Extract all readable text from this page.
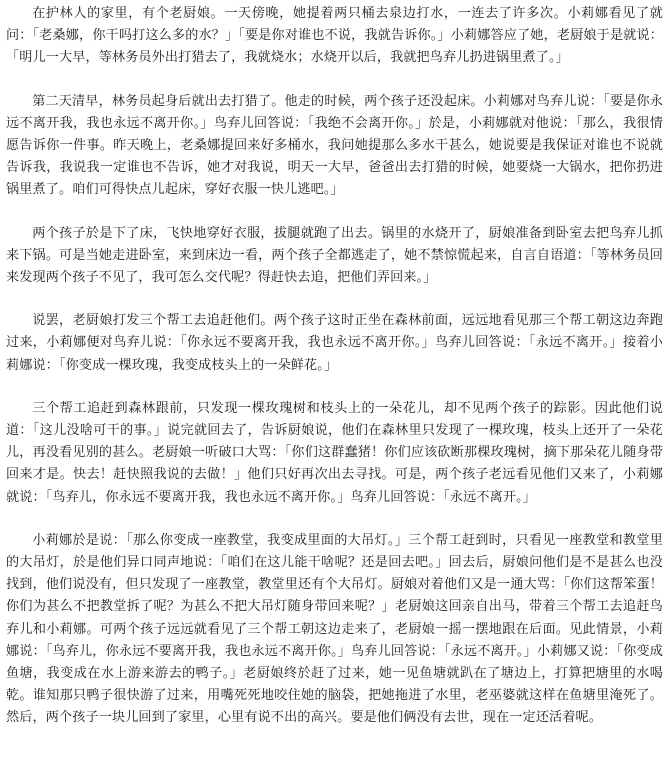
在护林人的家里，有个老厨娘。一天傍晚，她提着两只桶去泉边打水，一连去了许多次。小莉娜看见了就问：「老桑娜，你干吗打这么多的水？」「要是你对谁也不说，我就告诉你。」小莉娜答应了她，老厨娘于是就说：「明儿一大早，等林务员外出打猎去了，我就烧水；水烧开以后，我就把鸟弃儿扔进锅里煮了。」

第二天清早，林务员起身后就出去打猎了。他走的时候，两个孩子还没起床。小莉娜对鸟弃儿说：「要是你永远不离开我，我也永远不离开你。」鸟弃儿回答说：「我绝不会离开你。」於是，小莉娜就对他说：「那么，我很情愿告诉你一件事。昨天晚上，老桑娜提回来好多桶水，我问她提那么多水干甚么，她说要是我保证对谁也不说就告诉我，我说我一定谁也不告诉，她才对我说，明天一大早，爸爸出去打猎的时候，她要烧一大锅水，把你扔进锅里煮了。咱们可得快点儿起床，穿好衣服一快儿逃吧。」

两个孩子於是下了床，飞快地穿好衣服，拔腿就跑了出去。锅里的水烧开了，厨娘准备到卧室去把鸟弃儿抓来下锅。可是当她走进卧室，来到床边一看，两个孩子全都逃走了，她不禁惊慌起来，自言自语道：「等林务员回来发现两个孩子不见了，我可怎么交代呢？得赶快去追，把他们弄回来。」

说罢，老厨娘打发三个帮工去追赶他们。两个孩子这时正坐在森林前面，远远地看见那三个帮工朝这边奔跑过来，小莉娜便对鸟弃儿说：「你永远不要离开我，我也永远不离开你。」鸟弃儿回答说：「永远不离开。」接着小莉娜说：「你变成一棵玫瑰，我变成枝头上的一朵鲜花。」

三个帮工追赶到森林跟前，只发现一棵玫瑰树和枝头上的一朵花儿，却不见两个孩子的踪影。因此他们说道：「这儿没啥可干的事。」说完就回去了，告诉厨娘说，他们在森林里只发现了一棵玫瑰，枝头上还开了一朵花儿，再没看见别的甚么。老厨娘一听破口大骂：「你们这群蠢猪！你们应该砍断那棵玫瑰树，摘下那朵花儿随身带回来才是。快去！赶快照我说的去做！」他们只好再次出去寻找。可是，两个孩子老远看见他们又来了，小莉娜就说：「鸟弃儿，你永远不要离开我，我也永远不离开你。」鸟弃儿回答说：「永远不离开。」

小莉娜於是说：「那么你变成一座教堂，我变成里面的大吊灯。」三个帮工赶到时，只看见一座教堂和教堂里的大吊灯，於是他们异口同声地说：「咱们在这儿能干啥呢？还是回去吧。」回去后，厨娘问他们是不是甚么也没找到，他们说没有，但只发现了一座教堂，教堂里还有个大吊灯。厨娘对着他们又是一通大骂：「你们这帮笨蛋！你们为甚么不把教堂拆了呢？为甚么不把大吊灯随身带回来呢？」老厨娘这回亲自出马，带着三个帮工去追赶鸟弃儿和小莉娜。可两个孩子远远就看见了三个帮工朝这边走来了，老厨娘一摇一摆地跟在后面。见此情景，小莉娜说：「鸟弃儿，你永远不要离开我，我也永远不离开你。」鸟弃儿回答说：「永远不离开。」小莉娜又说：「你变成鱼塘，我变成在水上游来游去的鸭子。」老厨娘终於赶了过来，她一见鱼塘就趴在了塘边上，打算把塘里的水喝乾。谁知那只鸭子很快游了过来，用嘴死死地咬住她的脑袋，把她拖进了水里，老巫婆就这样在鱼塘里淹死了。然后，两个孩子一块儿回到了家里，心里有说不出的高兴。要是他们俩没有去世，现在一定还活着呢。
